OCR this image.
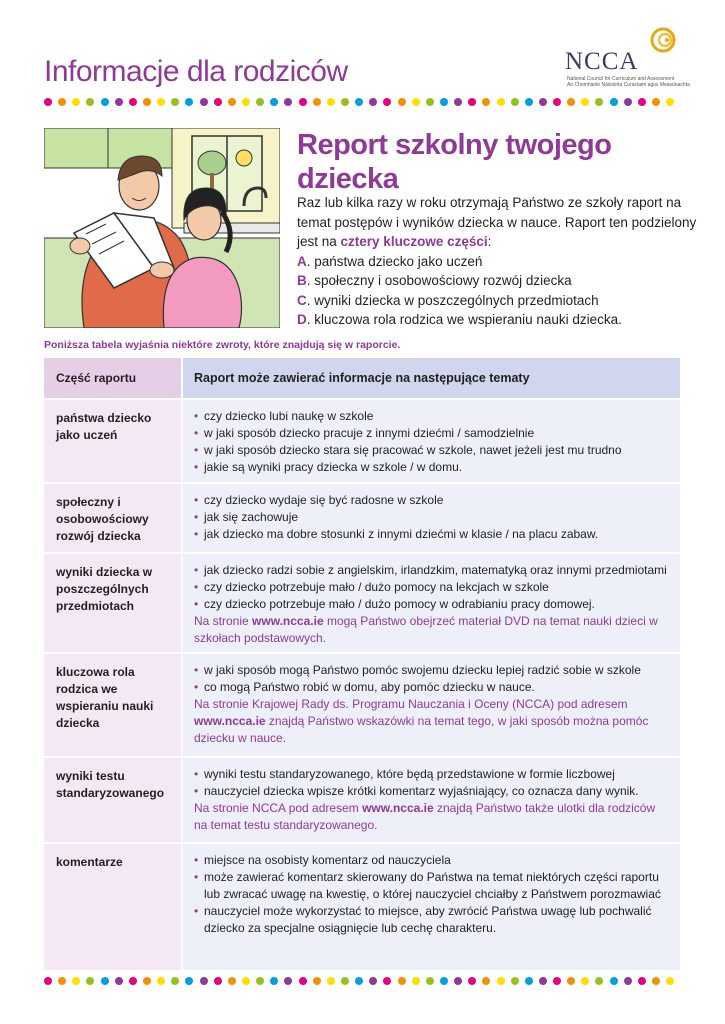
Informacje dla rodziców	NCCA
National Council for Curriculum and Assessment
An Chomhairle Náisiúnta Curaclaim agus Measúnachta
Report szkolny twojego
dziecka
Raz lub kilka razy w roku otrzymają Państwo ze szkoły raport na temat postępów i wyników dziecka w nauce. Raport ten podzielony jest na cztery kluczowe części:
A. państwa dziecko jako uczeń
B. społeczny i osobowościowy rozwój dziecka
C. wyniki dziecka w poszczególnych przedmiotach
D. kluczowa rola rodzica we wspieraniu nauki dziecka.
Poniższa tabela wyjaśnia niektóre zwroty, które znajdują się w raporcie.
Część raportu	Raport może zawierać informacje na następujące tematy
państwa dziecko jako uczeń
• czy dziecko lubi naukę w szkole
• w jaki sposób dziecko pracuje z innymi dziećmi / samodzielnie
• w jaki sposób dziecko stara się pracować w szkole, nawet jeżeli jest mu trudno
• jakie są wyniki pracy dziecka w szkole / w domu.
społeczny i osobowościowy rozwój dziecka
• czy dziecko wydaje się być radosne w szkole
• jak się zachowuje
• jak dziecko ma dobre stosunki z innymi dziećmi w klasie / na placu zabaw.
wyniki dziecka w poszczególnych przedmiotach
• jak dziecko radzi sobie z angielskim, irlandzkim, matematyką oraz innymi przedmiotami
• czy dziecko potrzebuje mało / dużo pomocy na lekcjach w szkole
• czy dziecko potrzebuje mało / dużo pomocy w odrabianiu pracy domowej.
Na stronie www.ncca.ie mogą Państwo obejrzeć materiał DVD na temat nauki dzieci w szkołach podstawowych.
kluczowa rola rodzica we wspieraniu nauki dziecka
• w jaki sposób mogą Państwo pomóc swojemu dziecku lepiej radzić sobie w szkole
• co mogą Państwo robić w domu, aby pomóc dziecku w nauce.
Na stronie Krajowej Rady ds. Programu Nauczania i Oceny (NCCA) pod adresem www.ncca.ie znajdą Państwo wskazówki na temat tego, w jaki sposób można pomóc dziecku w nauce.
wyniki testu standaryzowanego
• wyniki testu standaryzowanego, które będą przedstawione w formie liczbowej
• nauczyciel dziecka wpisze krótki komentarz wyjaśniający, co oznacza dany wynik.
Na stronie NCCA pod adresem www.ncca.ie znajdą Państwo także ulotki dla rodziców na temat testu standaryzowanego.
komentarze
•	miejsce na osobisty komentarz od nauczyciela
• może zawierać komentarz skierowany do Państwa na temat niektórych części raportu lub zwracać uwagę na kwestię, o której nauczyciel chciałby z Państwem porozmawiać
• nauczyciel może wykorzystać to miejsce, aby zwrócić Państwa uwagę lub pochwalić dziecko za specjalne osiągnięcie lub cechę charakteru.
